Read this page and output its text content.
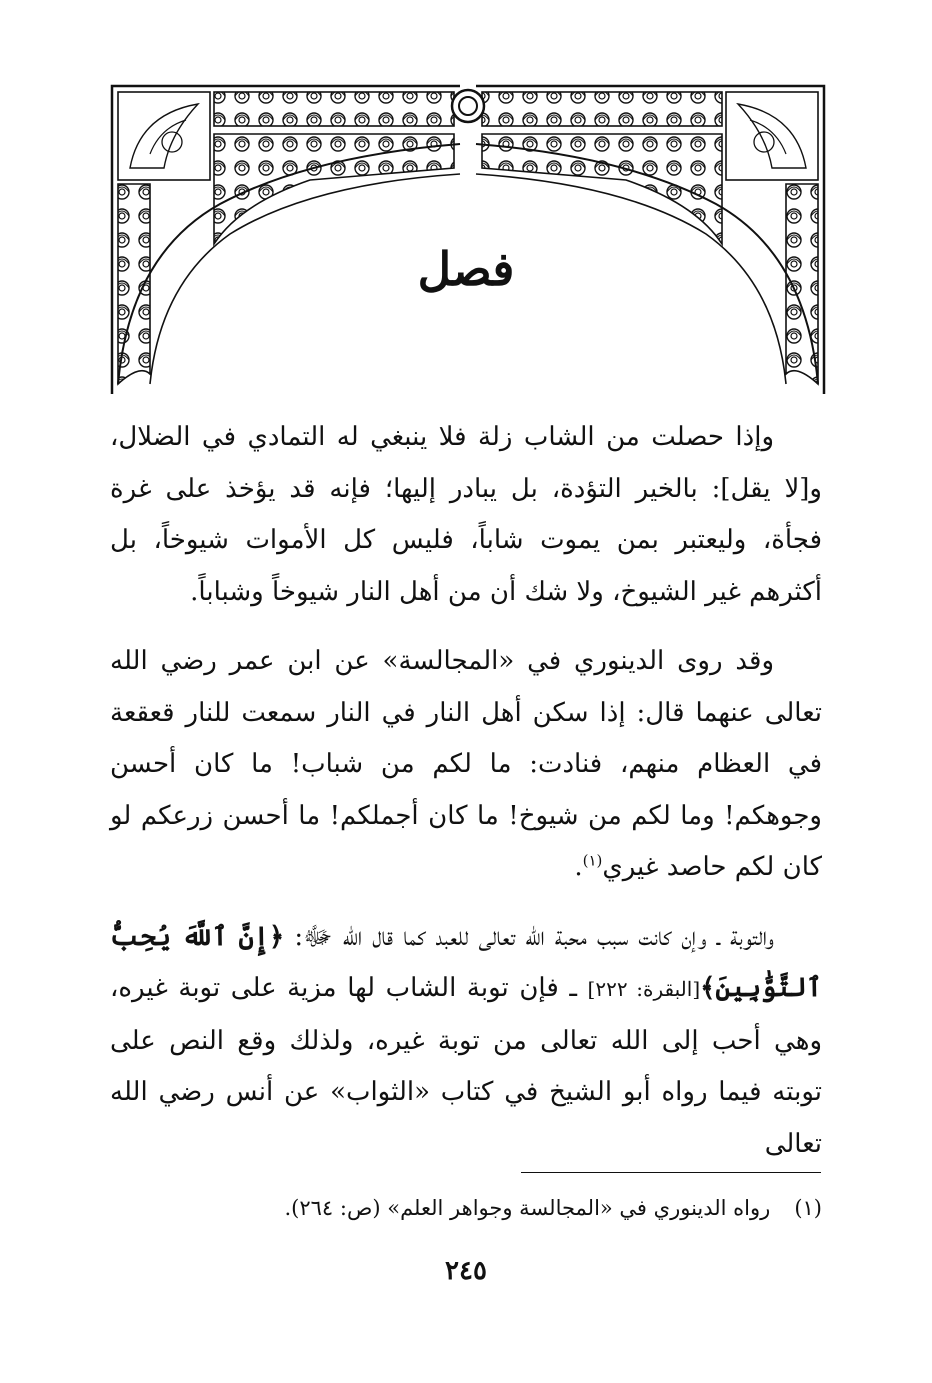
فصل

وإذا حصلت من الشاب زلة فلا ينبغي له التمادي في الضلال، و[لا يقل]: بالخير التؤدة، بل يبادر إليها؛ فإنه قد يؤخذ على غرة فجأة، وليعتبر بمن يموت شاباً، فليس كل الأموات شيوخاً، بل أكثرهم غير الشيوخ، ولا شك أن من أهل النار شيوخاً وشباباً.

وقد روى الدينوري في «المجالسة» عن ابن عمر رضي الله تعالى عنهما قال: إذا سكن أهل النار في النار سمعت للنار قعقعة في العظام منهم، فنادت: ما لكم من شباب! ما كان أحسن وجوهكم! وما لكم من شيوخ! ما كان أجملكم! ما أحسن زرعكم لو كان لكم حاصد غيري$^{(١)}$.

والتوبة ـ وإن كانت سبب محبة الله تعالى للعبد كما قال الله ﷻ: ﴿إِنَّ ٱللَّهَ يُحِبُّ ٱلتَّوَّٰبِينَ﴾[البقرة: ٢٢٢] ـ فإن توبة الشاب لها مزية على توبة غيره، وهي أحب إلى الله تعالى من توبة غيره، ولذلك وقع النص على توبته فيما رواه أبو الشيخ في كتاب «الثواب» عن أنس رضي الله تعالى

(١)رواه الدينوري في «المجالسة وجواهر العلم» (ص: ٢٦٤).
٢٤٥
